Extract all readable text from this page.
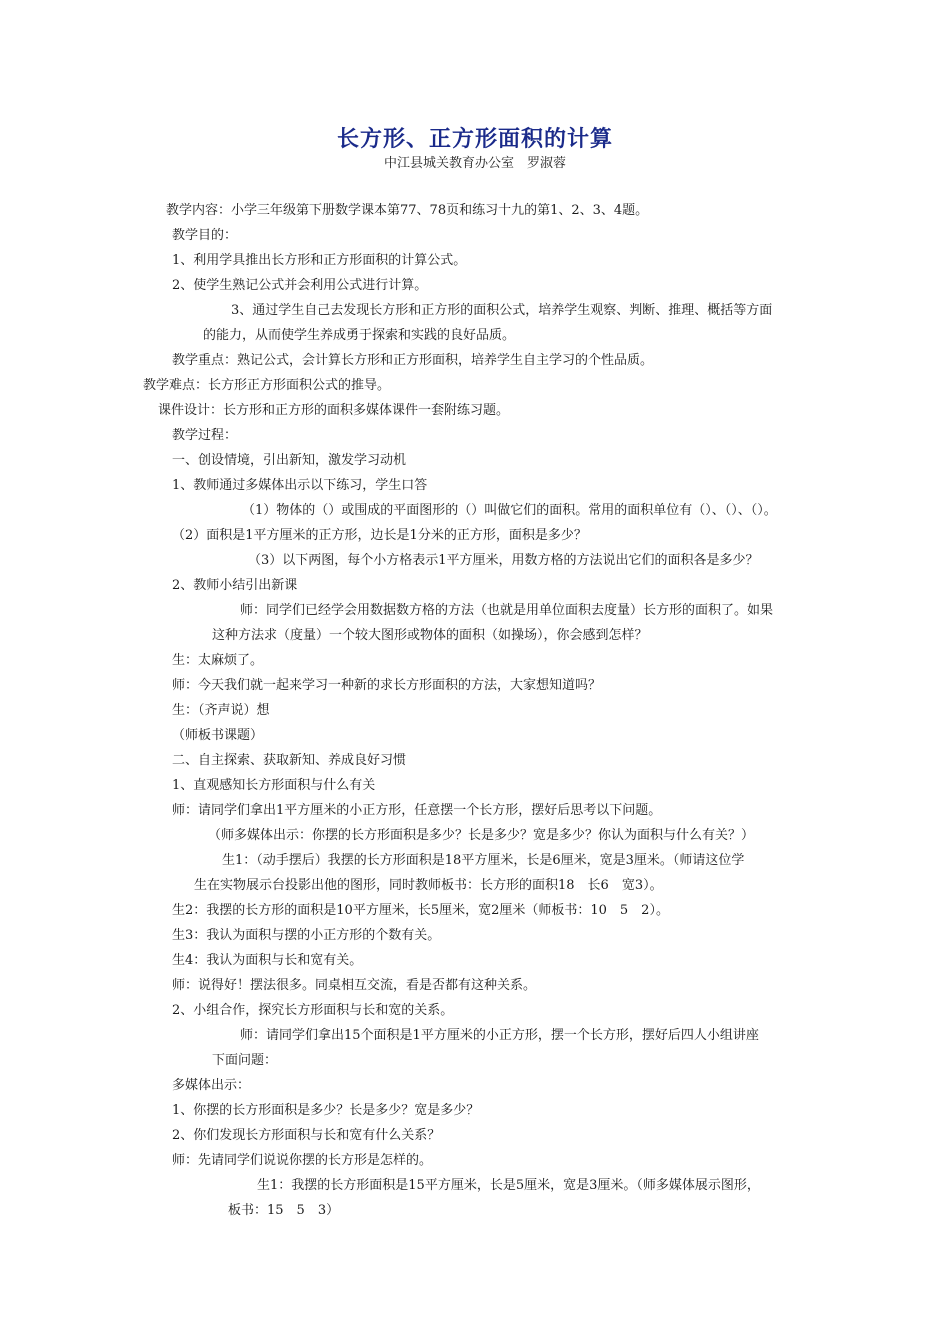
长方形、正方形面积的计算
中江县城关教育办公室　罗淑蓉
教学内容：小学三年级第下册数学课本第77、78页和练习十九的第1、2、3、4题。
教学目的：
1、利用学具推出长方形和正方形面积的计算公式。
2、使学生熟记公式并会利用公式进行计算。
3、通过学生自己去发现长方形和正方形的面积公式，培养学生观察、判断、推理、概括等方面
的能力，从而使学生养成勇于探索和实践的良好品质。
教学重点：熟记公式，会计算长方形和正方形面积，培养学生自主学习的个性品质。
教学难点：长方形正方形面积公式的推导。
课件设计：长方形和正方形的面积多媒体课件一套附练习题。
教学过程：
一、创设情境，引出新知，激发学习动机
1、教师通过多媒体出示以下练习，学生口答
（1）物体的（）或围成的平面图形的（）叫做它们的面积。常用的面积单位有（）、（）、（）。
（2）面积是1平方厘米的正方形，边长是1分米的正方形，面积是多少？
（3）以下两图，每个小方格表示1平方厘米，用数方格的方法说出它们的面积各是多少？
2、教师小结引出新课
师：同学们已经学会用数据数方格的方法（也就是用单位面积去度量）长方形的面积了。如果
这种方法求（度量）一个较大图形或物体的面积（如操场），你会感到怎样？
生：太麻烦了。
师：今天我们就一起来学习一种新的求长方形面积的方法，大家想知道吗？
生：（齐声说）想
（师板书课题）
二、自主探索、获取新知、养成良好习惯
1、直观感知长方形面积与什么有关
师：请同学们拿出1平方厘米的小正方形，任意摆一个长方形，摆好后思考以下问题。
（师多媒体出示：你摆的长方形面积是多少？长是多少？宽是多少？你认为面积与什么有关？）
生1：（动手摆后）我摆的长方形面积是18平方厘米，长是6厘米，宽是3厘米。（师请这位学
生在实物展示台投影出他的图形，同时教师板书：长方形的面积18　长6　宽3）。
生2：我摆的长方形的面积是10平方厘米，长5厘米，宽2厘米（师板书：10　5　2）。
生3：我认为面积与摆的小正方形的个数有关。
生4：我认为面积与长和宽有关。
师：说得好！摆法很多。同桌相互交流，看是否都有这种关系。
2、小组合作，探究长方形面积与长和宽的关系。
师：请同学们拿出15个面积是1平方厘米的小正方形，摆一个长方形，摆好后四人小组讲座
下面问题：
多媒体出示：
1、你摆的长方形面积是多少？长是多少？宽是多少？
2、你们发现长方形面积与长和宽有什么关系？
师：先请同学们说说你摆的长方形是怎样的。
生1：我摆的长方形面积是15平方厘米，长是5厘米，宽是3厘米。（师多媒体展示图形，
板书：15　5　3）
